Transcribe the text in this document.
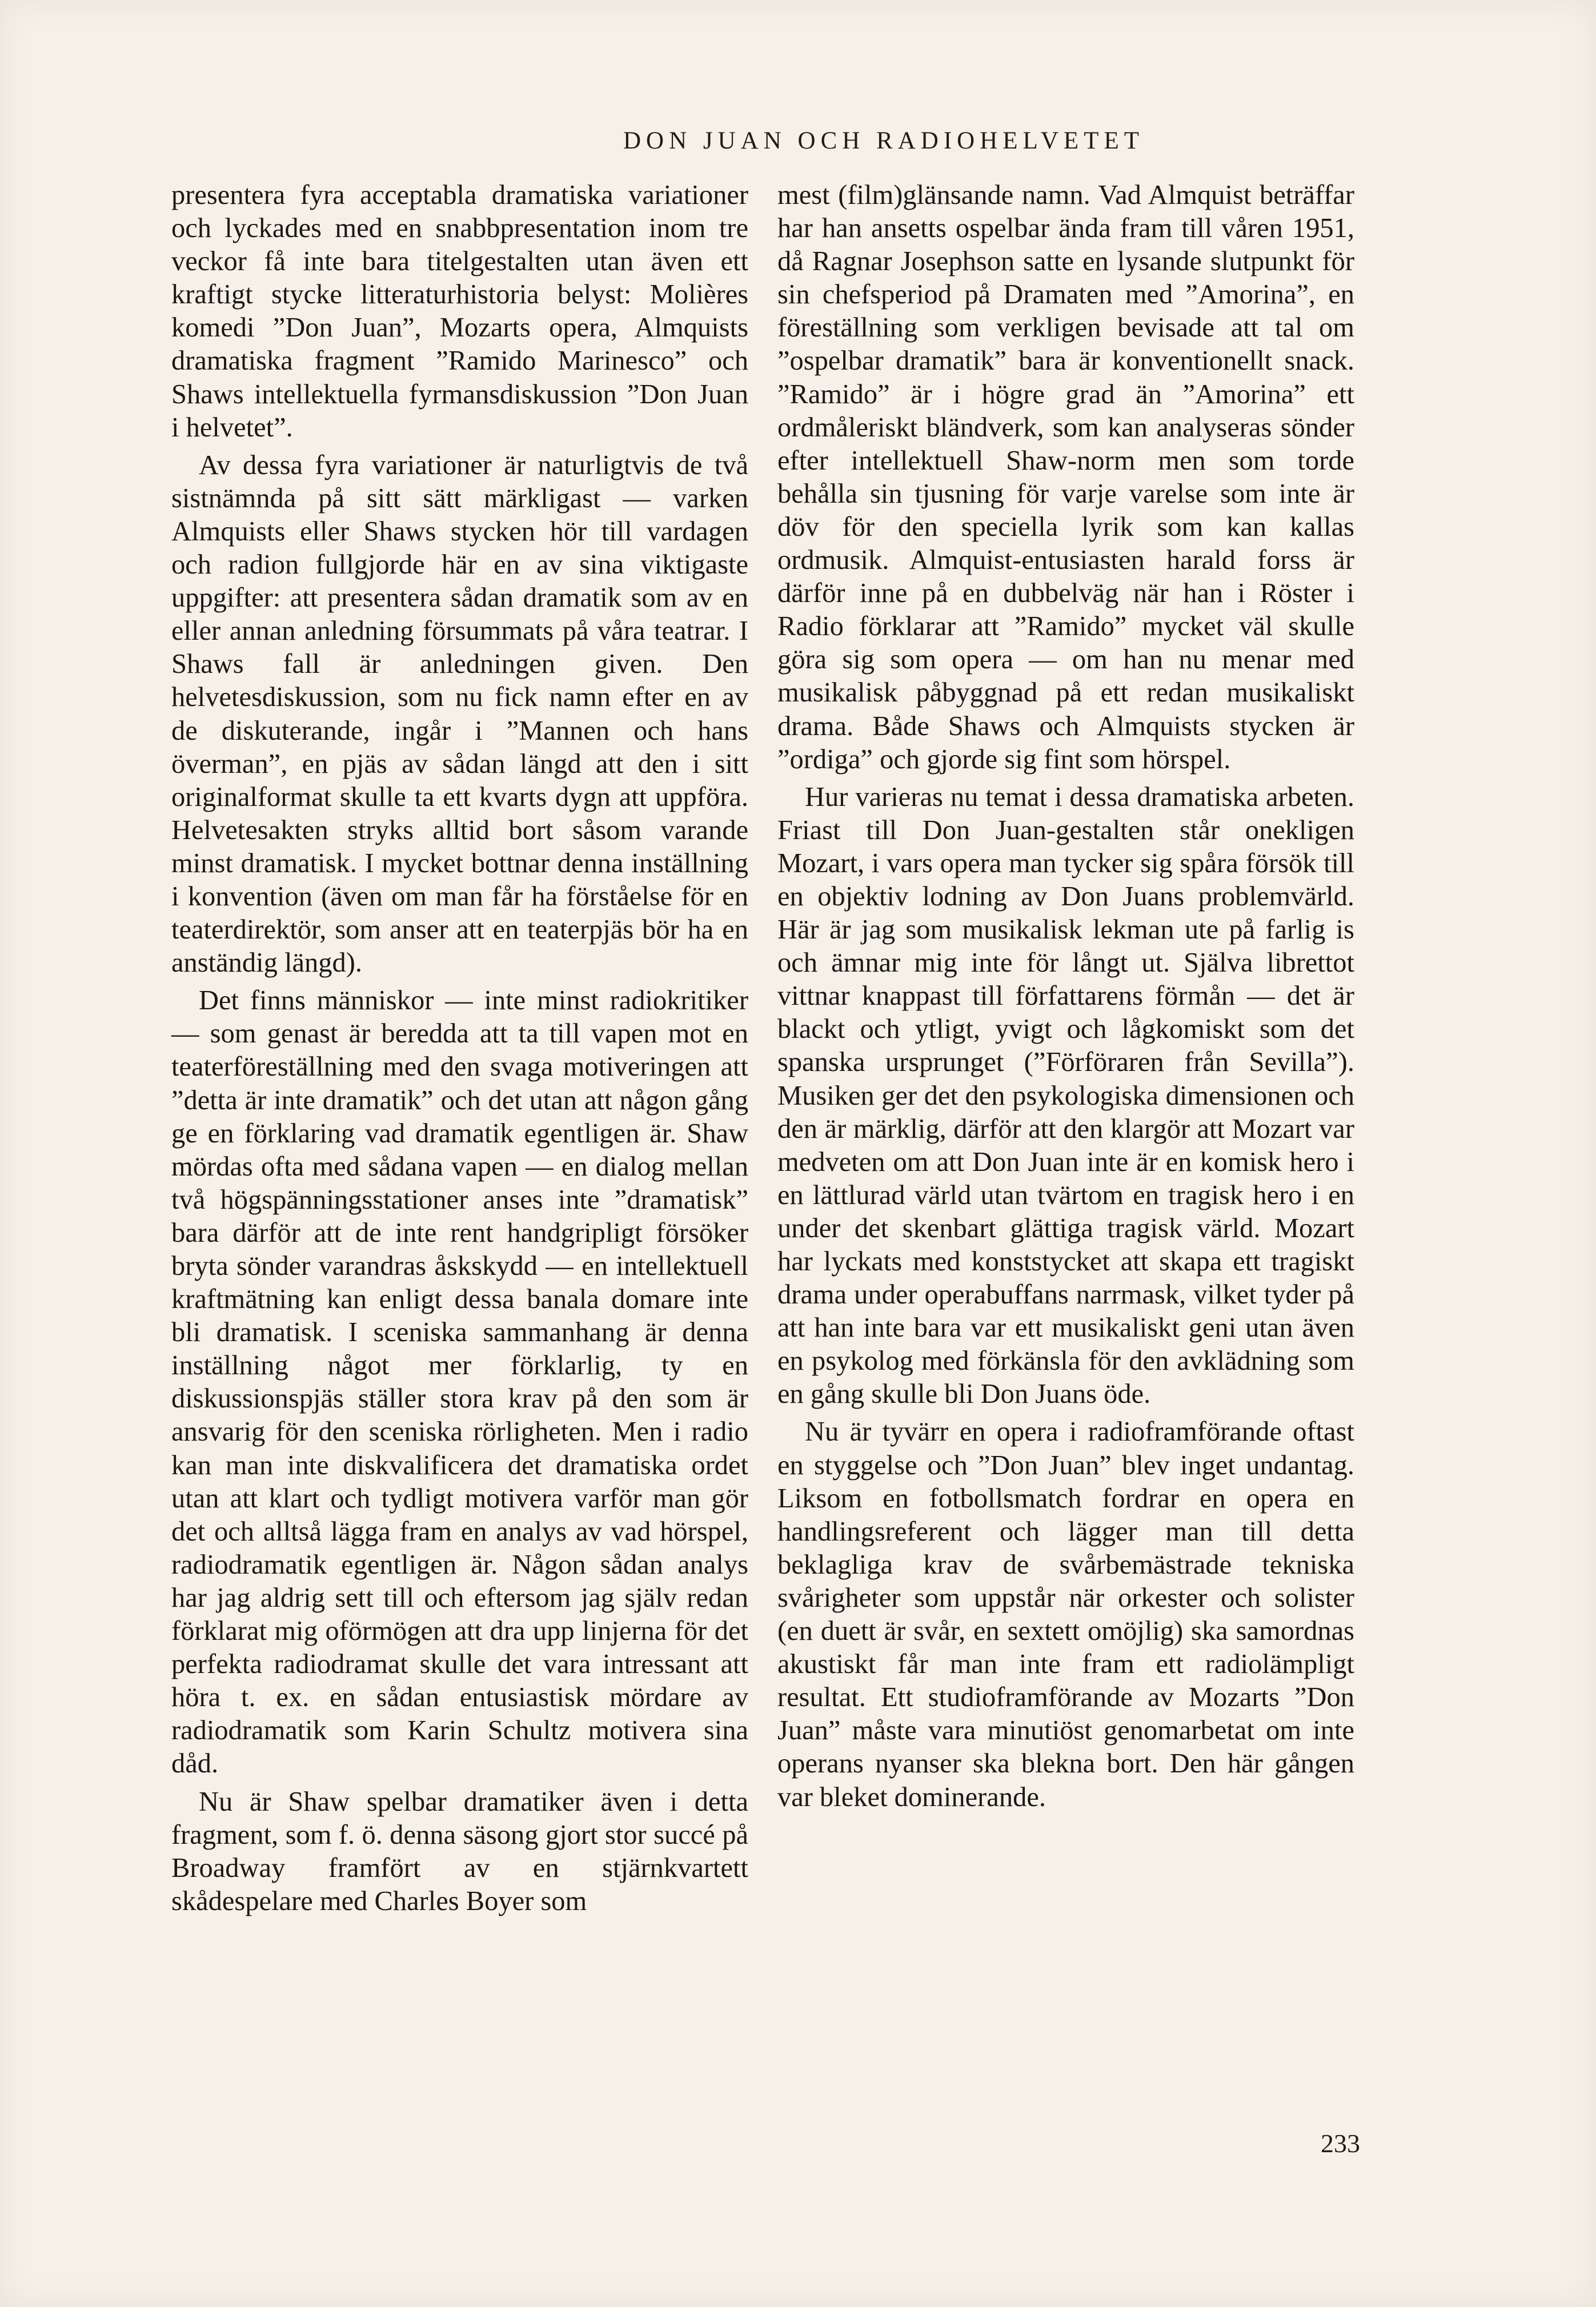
DON JUAN OCH RADIOHELVETET

presentera fyra acceptabla dramatiska variationer och lyckades med en snabbpresentation inom tre veckor få inte bara titelgestalten utan även ett kraftigt stycke litteraturhistoria belyst: Molières komedi ”Don Juan”, Mozarts opera, Almquists dramatiska fragment ”Ramido Marinesco” och Shaws intellektuella fyrmansdiskussion ”Don Juan i helvetet”.

Av dessa fyra variationer är naturligtvis de två sistnämnda på sitt sätt märkligast — varken Almquists eller Shaws stycken hör till vardagen och radion fullgjorde här en av sina viktigaste uppgifter: att presentera sådan dramatik som av en eller annan anledning försummats på våra teatrar. I Shaws fall är anledningen given. Den helvetesdiskussion, som nu fick namn efter en av de diskuterande, ingår i ”Mannen och hans överman”, en pjäs av sådan längd att den i sitt originalformat skulle ta ett kvarts dygn att uppföra. Helvetesakten stryks alltid bort såsom varande minst dramatisk. I mycket bottnar denna inställning i konvention (även om man får ha förståelse för en teaterdirektör, som anser att en teaterpjäs bör ha en anständig längd).

Det finns människor — inte minst radiokritiker — som genast är beredda att ta till vapen mot en teaterföreställning med den svaga motiveringen att ”detta är inte dramatik” och det utan att någon gång ge en förklaring vad dramatik egentligen är. Shaw mördas ofta med sådana vapen — en dialog mellan två högspänningsstationer anses inte ”dramatisk” bara därför att de inte rent handgripligt försöker bryta sönder varandras åskskydd — en intellektuell kraftmätning kan enligt dessa banala domare inte bli dramatisk. I sceniska sammanhang är denna inställning något mer förklarlig, ty en diskussionspjäs ställer stora krav på den som är ansvarig för den sceniska rörligheten. Men i radio kan man inte diskvalificera det dramatiska ordet utan att klart och tydligt motivera varför man gör det och alltså lägga fram en analys av vad hörspel, radiodramatik egentligen är. Någon sådan analys har jag aldrig sett till och eftersom jag själv redan förklarat mig oförmögen att dra upp linjerna för det perfekta radiodramat skulle det vara intressant att höra t. ex. en sådan entusiastisk mördare av radiodramatik som Karin Schultz motivera sina dåd.

Nu är Shaw spelbar dramatiker även i detta fragment, som f. ö. denna säsong gjort stor succé på Broadway framfört av en stjärnkvartett skådespelare med Charles Boyer som

mest (film)glänsande namn. Vad Almquist beträffar har han ansetts ospelbar ända fram till våren 1951, då Ragnar Josephson satte en lysande slutpunkt för sin chefsperiod på Dramaten med ”Amorina”, en föreställning som verkligen bevisade att tal om ”ospelbar dramatik” bara är konventionellt snack. ”Ramido” är i högre grad än ”Amorina” ett ordmåleriskt bländverk, som kan analyseras sönder efter intellektuell Shaw-norm men som torde behålla sin tjusning för varje varelse som inte är döv för den speciella lyrik som kan kallas ordmusik. Almquist-entusiasten harald forss är därför inne på en dubbelväg när han i Röster i Radio förklarar att ”Ramido” mycket väl skulle göra sig som opera — om han nu menar med musikalisk påbyggnad på ett redan musikaliskt drama. Både Shaws och Almquists stycken är ”ordiga” och gjorde sig fint som hörspel.

Hur varieras nu temat i dessa dramatiska arbeten. Friast till Don Juan-gestalten står onekligen Mozart, i vars opera man tycker sig spåra försök till en objektiv lodning av Don Juans problemvärld. Här är jag som musikalisk lekman ute på farlig is och ämnar mig inte för långt ut. Själva librettot vittnar knappast till författarens förmån — det är blackt och ytligt, yvigt och lågkomiskt som det spanska ursprunget (”Förföraren från Sevilla”). Musiken ger det den psykologiska dimensionen och den är märklig, därför att den klargör att Mozart var medveten om att Don Juan inte är en komisk hero i en lättlurad värld utan tvärtom en tragisk hero i en under det skenbart glättiga tragisk värld. Mozart har lyckats med konststycket att skapa ett tragiskt drama under operabuffans narrmask, vilket tyder på att han inte bara var ett musikaliskt geni utan även en psykolog med förkänsla för den avklädning som en gång skulle bli Don Juans öde.

Nu är tyvärr en opera i radioframförande oftast en styggelse och ”Don Juan” blev inget undantag. Liksom en fotbollsmatch fordrar en opera en handlingsreferent och lägger man till detta beklagliga krav de svårbemästrade tekniska svårigheter som uppstår när orkester och solister (en duett är svår, en sextett omöjlig) ska samordnas akustiskt får man inte fram ett radiolämpligt resultat. Ett studioframförande av Mozarts ”Don Juan” måste vara minutiöst genomarbetat om inte operans nyanser ska blekna bort. Den här gången var bleket dominerande.

233
